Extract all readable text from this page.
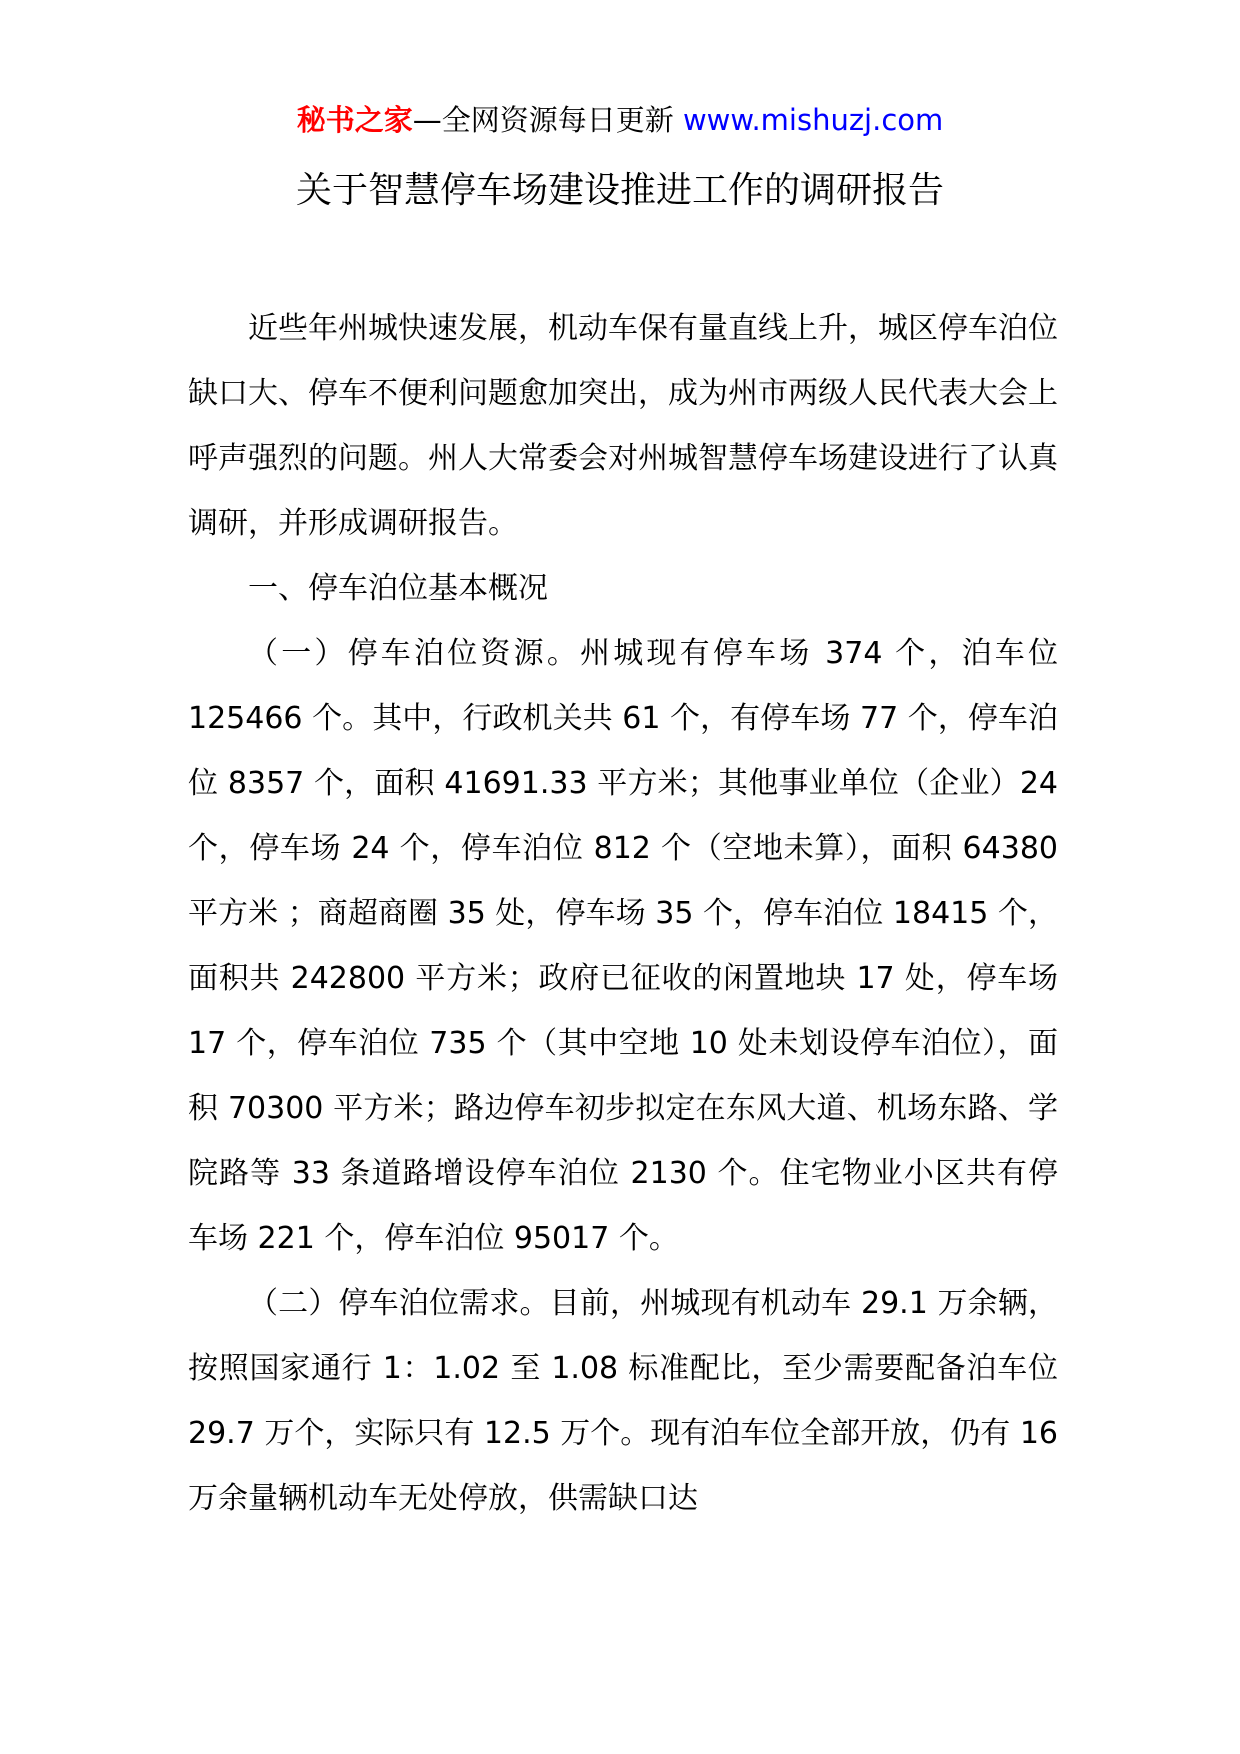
秘书之家—全网资源每日更新 www.mishuzj.com
关于智慧停车场建设推进工作的调研报告

近些年州城快速发展，机动车保有量直线上升，城区停车泊位缺口大、停车不便利问题愈加突出，成为州市两级人民代表大会上呼声强烈的问题。州人大常委会对州城智慧停车场建设进行了认真调研，并形成调研报告。

一、停车泊位基本概况

（一）停车泊位资源。州城现有停车场 374 个，泊车位 125466 个。其中，行政机关共 61 个，有停车场 77 个，停车泊位 8357 个，面积 41691.33 平方米；其他事业单位（企业）24 个，停车场 24 个，停车泊位 812 个（空地未算），面积 64380 平方米 ；商超商圈 35 处，停车场 35 个，停车泊位 18415 个，面积共 242800 平方米；政府已征收的闲置地块 17 处，停车场 17 个，停车泊位 735 个（其中空地 10 处未划设停车泊位），面积 70300 平方米；路边停车初步拟定在东风大道、机场东路、学院路等 33 条道路增设停车泊位 2130 个。住宅物业小区共有停车场 221 个，停车泊位 95017 个。

（二）停车泊位需求。目前，州城现有机动车 29.1 万余辆，按照国家通行 1：1.02 至 1.08 标准配比，至少需要配备泊车位 29.7 万个，实际只有 12.5 万个。现有泊车位全部开放，仍有 16 万余量辆机动车无处停放，供需缺口达
